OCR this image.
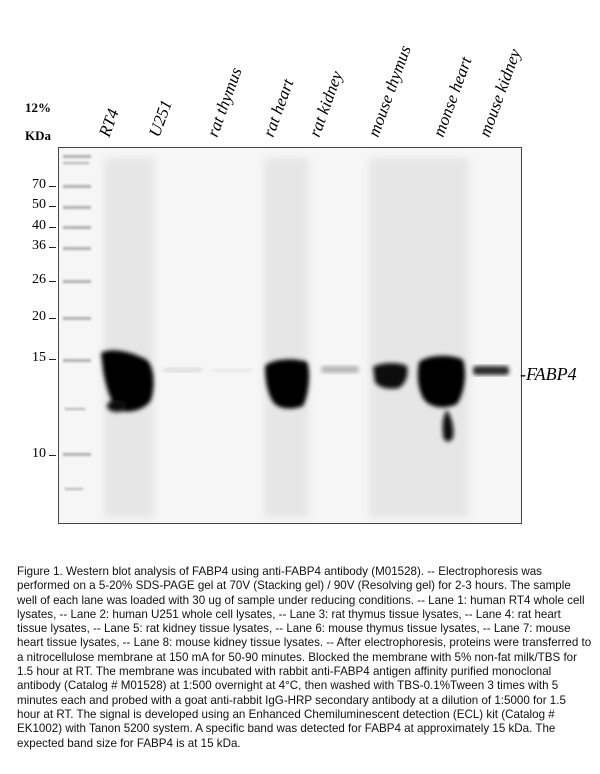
12%
KDa	RT4 U251 rat thymus rat heart rat kidney mouse thymus monse heart mouse kidney
70
50
40
36
26
20
15
10
-FABP4
Figure 1. Western blot analysis of FABP4 using anti-FABP4 antibody (M01528). -- Electrophoresis was performed on a 5-20% SDS-PAGE gel at 70V (Stacking gel) / 90V (Resolving gel) for 2-3 hours. The sample well of each lane was loaded with 30 ug of sample under reducing conditions. -- Lane 1: human RT4 whole cell lysates, -- Lane 2: human U251 whole cell lysates, -- Lane 3: rat thymus tissue lysates, -- Lane 4: rat heart tissue lysates, -- Lane 5: rat kidney tissue lysates, -- Lane 6: mouse thymus tissue lysates, -- Lane 7: mouse heart tissue lysates, -- Lane 8: mouse kidney tissue lysates. -- After electrophoresis, proteins were transferred to a nitrocellulose membrane at 150 mA for 50-90 minutes. Blocked the membrane with 5% non-fat milk/TBS for 1.5 hour at RT. The membrane was incubated with rabbit anti-FABP4 antigen affinity purified monoclonal antibody (Catalog # M01528) at 1:500 overnight at 4°C, then washed with TBS-0.1%Tween 3 times with 5 minutes each and probed with a goat anti-rabbit IgG-HRP secondary antibody at a dilution of 1:5000 for 1.5 hour at RT. The signal is developed using an Enhanced Chemiluminescent detection (ECL) kit (Catalog # EK1002) with Tanon 5200 system. A specific band was detected for FABP4 at approximately 15 kDa. The expected band size for FABP4 is at 15 kDa.
